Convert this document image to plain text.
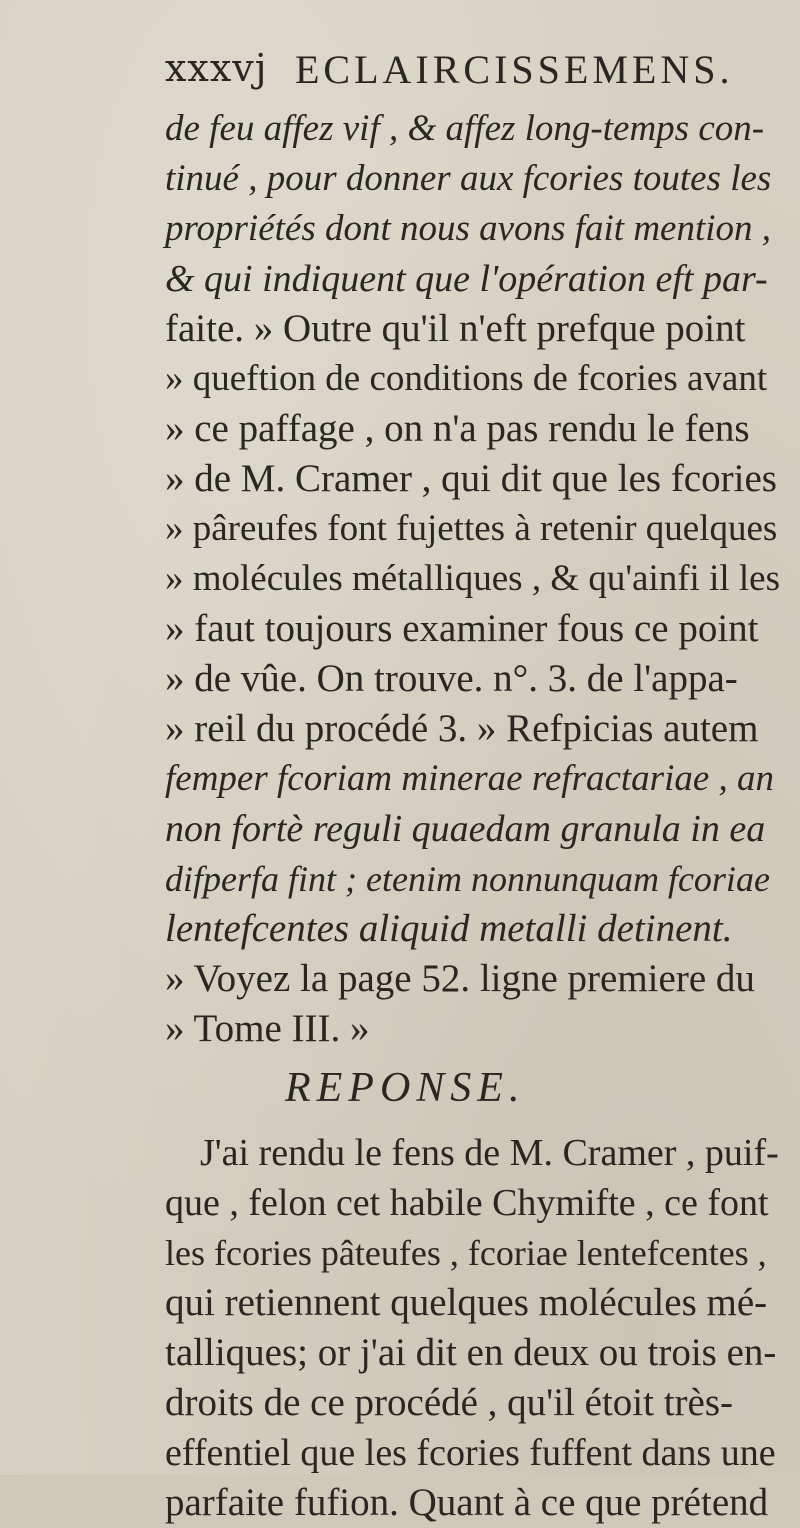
xxxvj ECLAIRCISSEMENS.
de feu affez vif , & affez long-temps con-
tinué , pour donner aux fcories toutes les
propriétés dont nous avons fait mention ,
& qui indiquent que l'opération eft par-
faite. » Outre qu'il n'eft prefque point
» queftion de conditions de fcories avant
» ce paffage , on n'a pas rendu le fens
» de M. Cramer , qui dit que les fcories
» pâreufes font fujettes à retenir quelques
» molécules métalliques , & qu'ainfi il les
» faut toujours examiner fous ce point
» de vûe. On trouve. n°. 3. de l'appa-
» reil du procédé 3. » Refpicias autem
femper fcoriam minerae refractariae , an
non fortè reguli quaedam granula in ea
difperfa fint ; etenim nonnunquam fcoriae
lentefcentes aliquid metalli detinent.
» Voyez la page 52. ligne premiere du
» Tome III. »
REPONSE.
J'ai rendu le fens de M. Cramer , puif-
que , felon cet habile Chymifte , ce font
les fcories pâteufes , fcoriae lentefcentes ,
qui retiennent quelques molécules mé-
talliques; or j'ai dit en deux ou trois en-
droits de ce procédé , qu'il étoit très-
effentiel que les fcories fuffent dans une
parfaite fufion. Quant à ce que prétend
